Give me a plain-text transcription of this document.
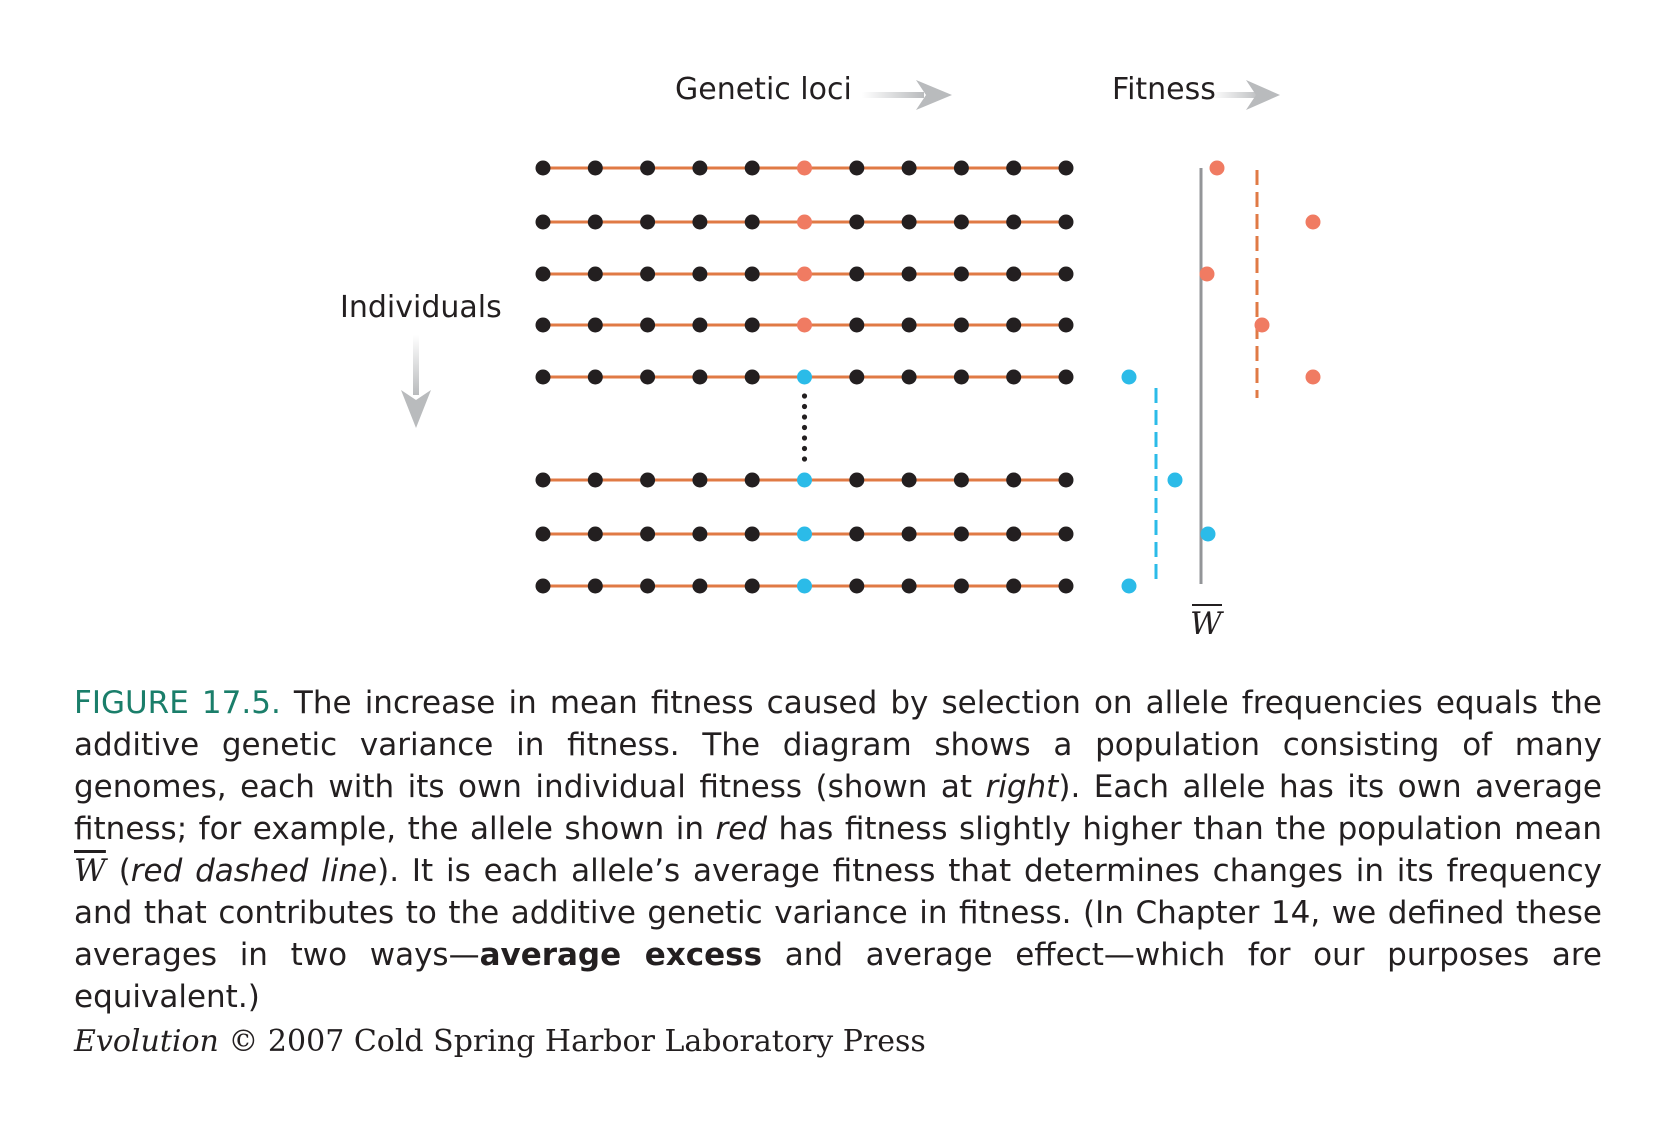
Genetic loci	Fitness
Individuals
W
FIGURE 17.5. The increase in mean fitness caused by selection on allele frequencies equals the additive genetic variance in fitness. The diagram shows a population consisting of many genomes, each with its own individual fitness (shown at right). Each allele has its own average fitness; for example, the allele shown in red has fitness slightly higher than the population mean $\overline{W}$ (red dashed line). It is each allele’s average fitness that determines changes in its frequency and that contributes to the additive genetic variance in fitness. (In Chapter 14, we defined these averages in two ways—average excess and average effect—which for our purposes are equivalent.)
Evolution © 2007 Cold Spring Harbor Laboratory Press
